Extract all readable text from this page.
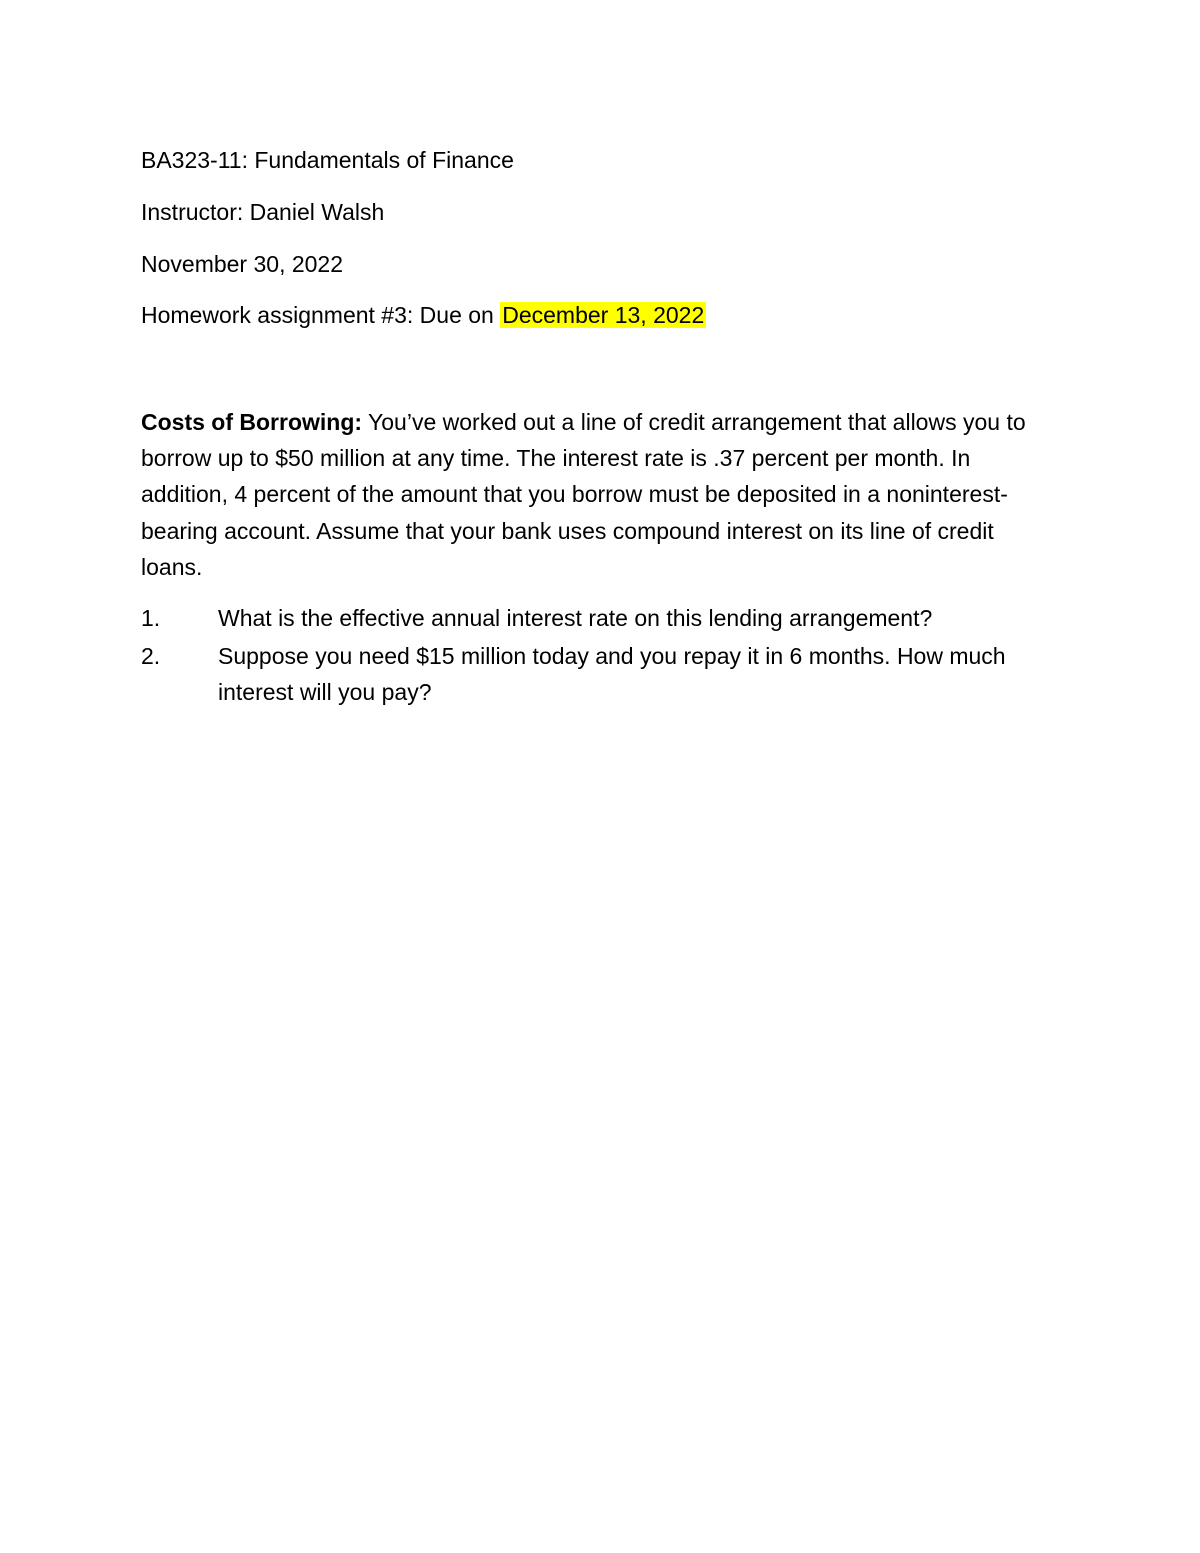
BA323-11: Fundamentals of Finance
Instructor: Daniel Walsh
November 30, 2022
Homework assignment #3: Due on December 13, 2022
Costs of Borrowing: You’ve worked out a line of credit arrangement that allows you to borrow up to $50 million at any time. The interest rate is .37 percent per month. In addition, 4 percent of the amount that you borrow must be deposited in a noninterest-bearing account. Assume that your bank uses compound interest on its line of credit loans.
1.	What is the effective annual interest rate on this lending arrangement?
2.	Suppose you need $15 million today and you repay it in 6 months. How much interest will you pay?
